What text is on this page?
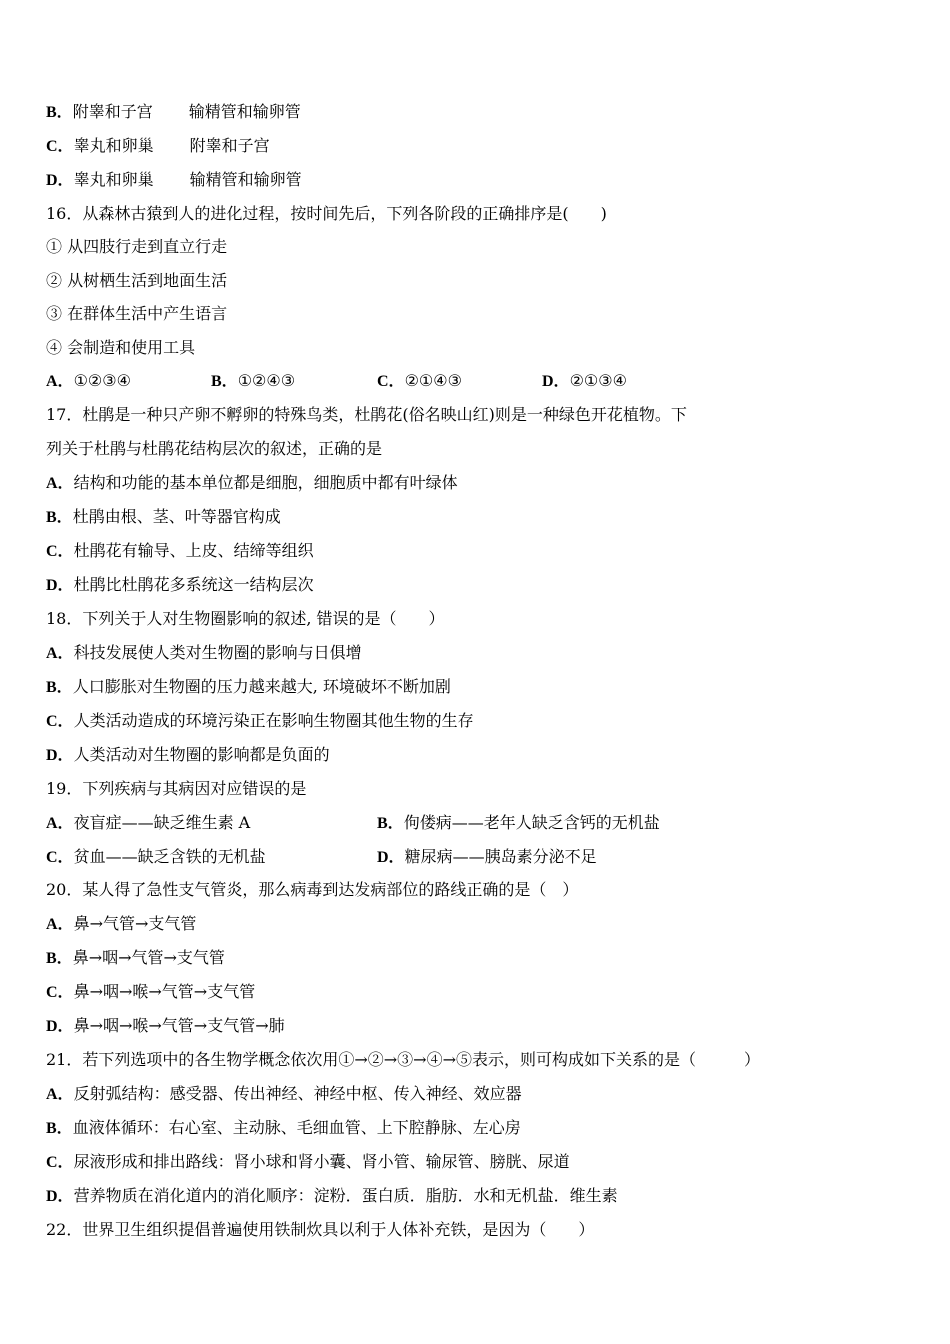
B．附睾和子宫 输精管和输卵管
C．睾丸和卵巢 附睾和子宫
D．睾丸和卵巢 输精管和输卵管
16．从森林古猿到人的进化过程，按时间先后，下列各阶段的正确排序是(　　)
① 从四肢行走到直立行走
② 从树栖生活到地面生活
③ 在群体生活中产生语言
④ 会制造和使用工具
A．①②③④	B．①②④③	C．②①④③	D．②①③④
17．杜鹃是一种只产卵不孵卵的特殊鸟类，杜鹃花(俗名映山红)则是一种绿色开花植物。下
列关于杜鹃与杜鹃花结构层次的叙述，正确的是
A．结构和功能的基本单位都是细胞，细胞质中都有叶绿体
B．杜鹃由根、茎、叶等器官构成
C．杜鹃花有输导、上皮、结缔等组织
D．杜鹃比杜鹃花多系统这一结构层次
18．下列关于人对生物圈影响的叙述, 错误的是（　　）
A．科技发展使人类对生物圈的影响与日俱增
B．人口膨胀对生物圈的压力越来越大, 环境破坏不断加剧
C．人类活动造成的环境污染正在影响生物圈其他生物的生存
D．人类活动对生物圈的影响都是负面的
19．下列疾病与其病因对应错误的是
A．夜盲症——缺乏维生素 A	B．佝偻病——老年人缺乏含钙的无机盐
C．贫血——缺乏含铁的无机盐	D．糖尿病——胰岛素分泌不足
20．某人得了急性支气管炎，那么病毒到达发病部位的路线正确的是（　）
A．鼻→气管→支气管
B．鼻→咽→气管→支气管
C．鼻→咽→喉→气管→支气管
D．鼻→咽→喉→气管→支气管→肺
21．若下列选项中的各生物学概念依次用①→②→③→④→⑤表示，则可构成如下关系的是（　　　）
A．反射弧结构：感受器、传出神经、神经中枢、传入神经、效应器
B．血液体循环：右心室、主动脉、毛细血管、上下腔静脉、左心房
C．尿液形成和排出路线：肾小球和肾小囊、肾小管、输尿管、膀胱、尿道
D．营养物质在消化道内的消化顺序：淀粉．蛋白质．脂肪．水和无机盐．维生素
22．世界卫生组织提倡普遍使用铁制炊具以利于人体补充铁，是因为（　　）
